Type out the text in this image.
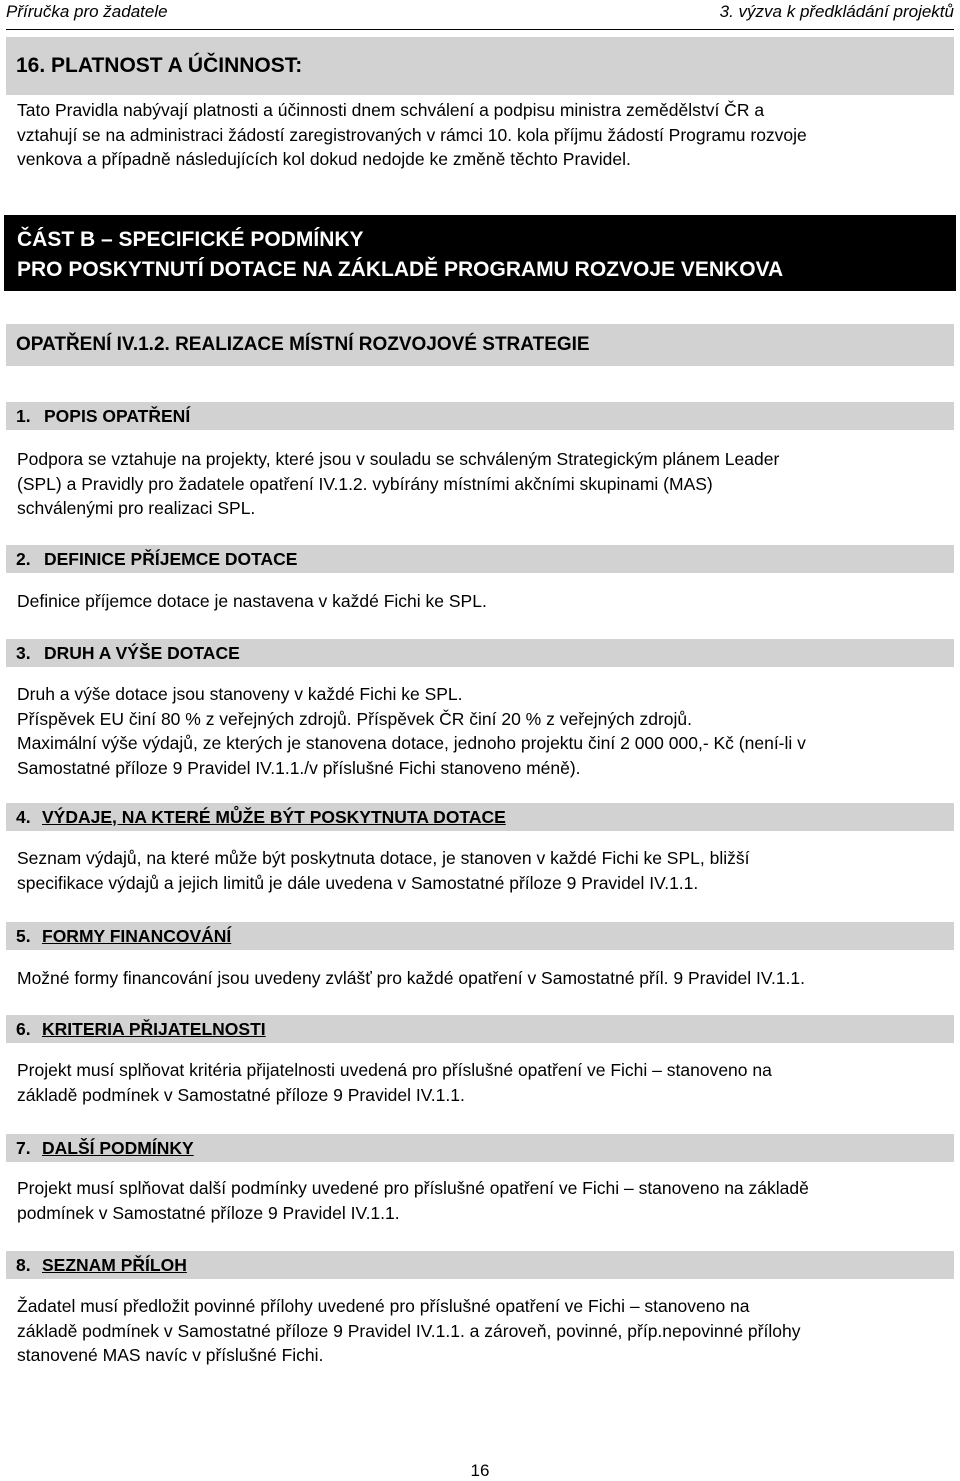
Příručka pro žadatele	3. výzva k předkládání projektů
16. PLATNOST A ÚČINNOST:
Tato Pravidla nabývají platnosti a účinnosti dnem schválení a podpisu ministra zemědělství ČR a
vztahují se na administraci žádostí zaregistrovaných v rámci 10. kola příjmu žádostí Programu rozvoje
venkova a případně následujících kol dokud nedojde ke změně těchto Pravidel.
ČÁST B – SPECIFICKÉ PODMÍNKY
PRO POSKYTNUTÍ DOTACE NA ZÁKLADĚ PROGRAMU ROZVOJE VENKOVA
OPATŘENÍ IV.1.2. REALIZACE MÍSTNÍ ROZVOJOVÉ STRATEGIE
1. POPIS OPATŘENÍ
Podpora se vztahuje na projekty, které jsou v souladu se schváleným Strategickým plánem Leader
(SPL) a Pravidly pro žadatele opatření IV.1.2. vybírány místními akčními skupinami (MAS)
schválenými pro realizaci SPL.
2. DEFINICE PŘÍJEMCE DOTACE
Definice příjemce dotace je nastavena v každé Fichi ke SPL.
3. DRUH A VÝŠE DOTACE
Druh a výše dotace jsou stanoveny v každé Fichi ke SPL.
Příspěvek EU činí 80 % z veřejných zdrojů. Příspěvek ČR činí 20 % z veřejných zdrojů.
Maximální výše výdajů, ze kterých je stanovena dotace, jednoho projektu činí 2 000 000,- Kč (není-li v
Samostatné příloze 9 Pravidel IV.1.1./v příslušné Fichi stanoveno méně).
4. VÝDAJE, NA KTERÉ MŮŽE BÝT POSKYTNUTA DOTACE
Seznam výdajů, na které může být poskytnuta dotace, je stanoven v každé Fichi ke SPL, bližší
specifikace výdajů a jejich limitů je dále uvedena v Samostatné příloze 9 Pravidel IV.1.1.
5. FORMY FINANCOVÁNÍ
Možné formy financování jsou uvedeny zvlášť pro každé opatření v Samostatné příl. 9 Pravidel IV.1.1.
6. KRITERIA PŘIJATELNOSTI
Projekt musí splňovat kritéria přijatelnosti uvedená pro příslušné opatření ve Fichi – stanoveno na
základě podmínek v Samostatné příloze 9 Pravidel IV.1.1.
7. DALŠÍ PODMÍNKY
Projekt musí splňovat další podmínky uvedené pro příslušné opatření ve Fichi – stanoveno na základě
podmínek v Samostatné příloze 9 Pravidel IV.1.1.
8. SEZNAM PŘÍLOH
Žadatel musí předložit povinné přílohy uvedené pro příslušné opatření ve Fichi – stanoveno na
základě podmínek v Samostatné příloze 9 Pravidel IV.1.1. a zároveň, povinné, příp.nepovinné přílohy
stanovené MAS navíc v příslušné Fichi.
16
